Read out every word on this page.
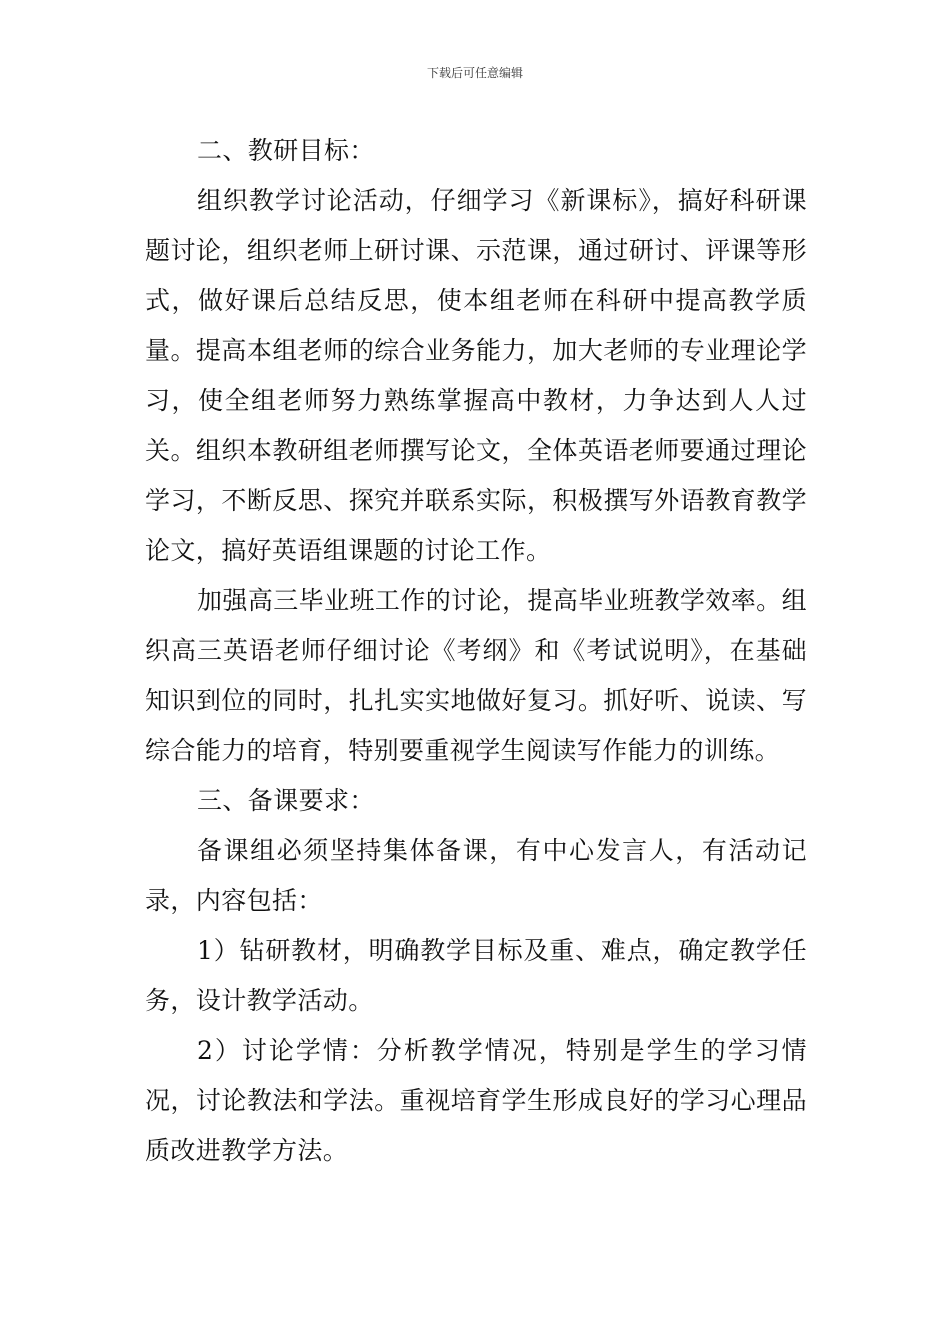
下载后可任意编辑

二、教研目标：

组织教学讨论活动，仔细学习《新课标》，搞好科研课题讨论，组织老师上研讨课、示范课，通过研讨、评课等形式，做好课后总结反思，使本组老师在科研中提高教学质量。提高本组老师的综合业务能力，加大老师的专业理论学习，使全组老师努力熟练掌握高中教材，力争达到人人过关。组织本教研组老师撰写论文，全体英语老师要通过理论学习，不断反思、探究并联系实际，积极撰写外语教育教学论文，搞好英语组课题的讨论工作。

加强高三毕业班工作的讨论，提高毕业班教学效率。组织高三英语老师仔细讨论《考纲》和《考试说明》，在基础知识到位的同时，扎扎实实地做好复习。抓好听、说读、写综合能力的培育，特别要重视学生阅读写作能力的训练。

三、备课要求：

备课组必须坚持集体备课，有中心发言人，有活动记录，内容包括：

1）钻研教材，明确教学目标及重、难点，确定教学任务，设计教学活动。

2）讨论学情：分析教学情况，特别是学生的学习情况，讨论教法和学法。重视培育学生形成良好的学习心理品质改进教学方法。
